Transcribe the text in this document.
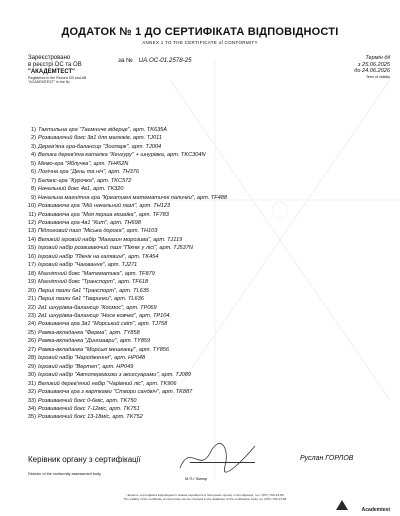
ДОДАТОК № 1 ДО СЕРТИФІКАТА ВІДПОВІДНОСТІ
ANNEX 1 TO THE CERTIFICATE of CONFORMITY
Зареєстровано
в реєстрі ОС та ОВ
"АКАДЕМТЕСТ"
Registered in the Record CB and AB
"ACADEMTEST" in the №
за № UA.ОС-01.2578-25	Термін дії
з 25.06.2025
до 24.06.2026
Term of validity
1) Тактильна гра "Таємниче відерце", арт. TK635A
2) Розвивaючий бокс 3в1 для малюків, арт. TJ011
3) Дерев'яна гра-балансир "Зоопарк", арт. TJ004
4) Велика дерев'яна каталка "Кенгуру" + шнурівка, арт. TKC304N
5) Мемо-гра "Яблучка", арт. TH452N
6) Логічна гра "День та ніч", арт. TH376
7) Баланс-гра "Курочка", арт. TKC572
8) Начальний бокс 4в1, арт. TK320
9) Начальна магнітна гра "Креативні математичні палички", арт. TF488
10) Розвиваюча гра "Мій начальний пазл", арт. TH123
11) Розвиваюча гра "Моя перша мозаїка", арт. TF783
12) Розвиваюча гра 4в1 "Кит", арт. TH698
13) Підлоговий пазл "Міська дорога", арт. TH103
14) Великий ігровий набір "Магазин морозива", арт. TJ119
15) Ігровий набір розвиваючий пазл "Пікнік у лісі", арт. TJ537N
16) Ігровий набір "Пікнік на галявині", арт. TK454
17) Ігровий набір "Чаювання", арт. TJ271
18) Магнітний бокс "Математика", арт. TF879
19) Магнітний бокс "Транспорт", арт. TF618
20) Перші пазли 6в1 "Транспорт", арт. TL635
21) Перші пазли 6в1 "Тваринки", арт. TL636
22) 2в1 шнурівка-балансир "Космос", арт. TP069
23) 2в1 шнурівка-балансир "Носе ковчег", арт. TP104
24) Розвиваюча гра 3в1 "Морський світ", арт. TJ758
25) Рамка-вкладанка "Ферма", арт. TY858
26) Рамка-вкладанка "Динозаври", арт. TY859
27) Рамка-вкладанка "Морські мешканці", арт. TY856
28) Ігровий набір "Народження", арт. HP048
29) Ігровий набір "Вертеп", арт. HP049
30) Ігровий набір "Автоперевозки з аксесуарами", арт. TJ089
31) Великий дерев'яний набір "Чарівний ліс", арт. TK906
32) Розвиваюча гра з картками "Створи сандвіч", арт. TK887
33) Розвиваючий бокс 0-6міс, арт. TK750
34) Розвиваючий бокс 7-12міс, арт. TK751
35) Розвиваючий бокс 13-18міс, арт. TK752
Керівник органу з сертифікації
Director of the conformity assessment body
Руслан ГОРЛОВ
М.П./ Stamp
Чинність сертифіката відповідності можна перевірити в базі даних органу з сертифікації, тел. (057) 766-44-86
The validity of the certificate of conformity can be checked in the database of the certification body, tel. (057) 766-44-86
Academtest
